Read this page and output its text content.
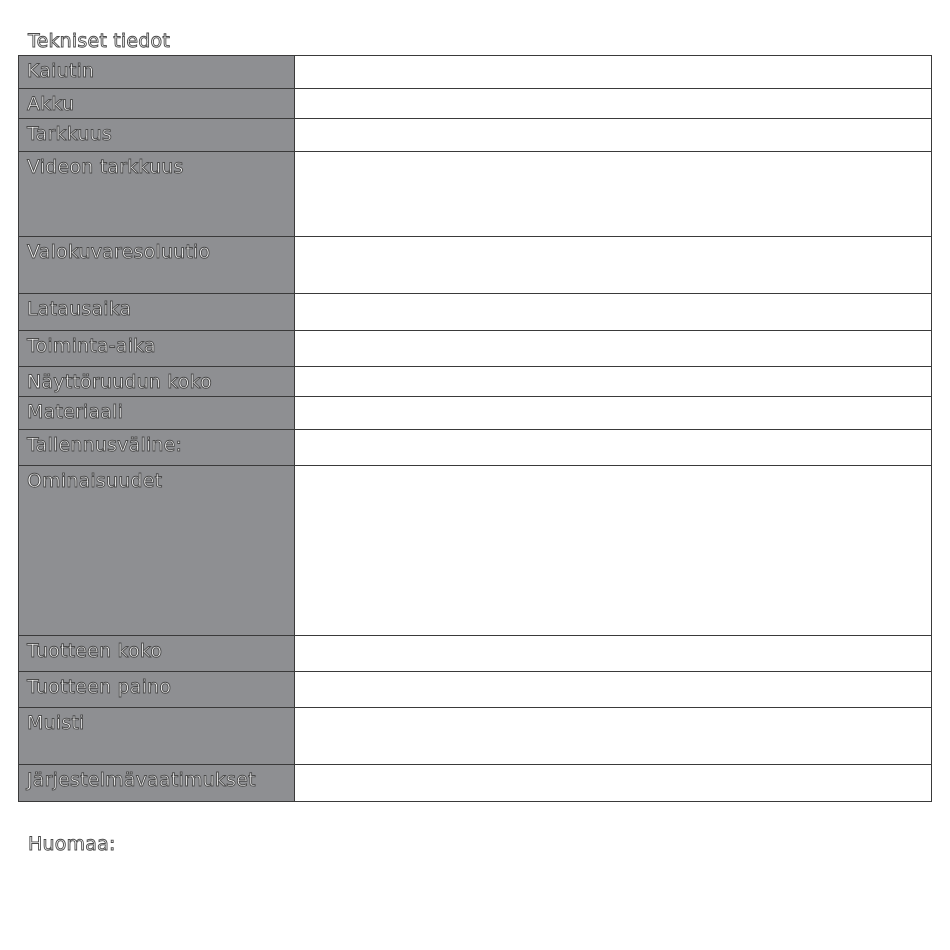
Tekniset tiedot
Kaiutin	
Akku	
Tarkkuus	
Videon tarkkuus	
Valokuvaresoluutio	
Latausaika	
Toiminta-aika	
Näyttöruudun koko	
Materiaali	
Tallennusväline:	
Ominaisuudet	
Tuotteen koko	
Tuotteen paino	
Muisti	
Järjestelmävaatimukset	
Huomaa:
